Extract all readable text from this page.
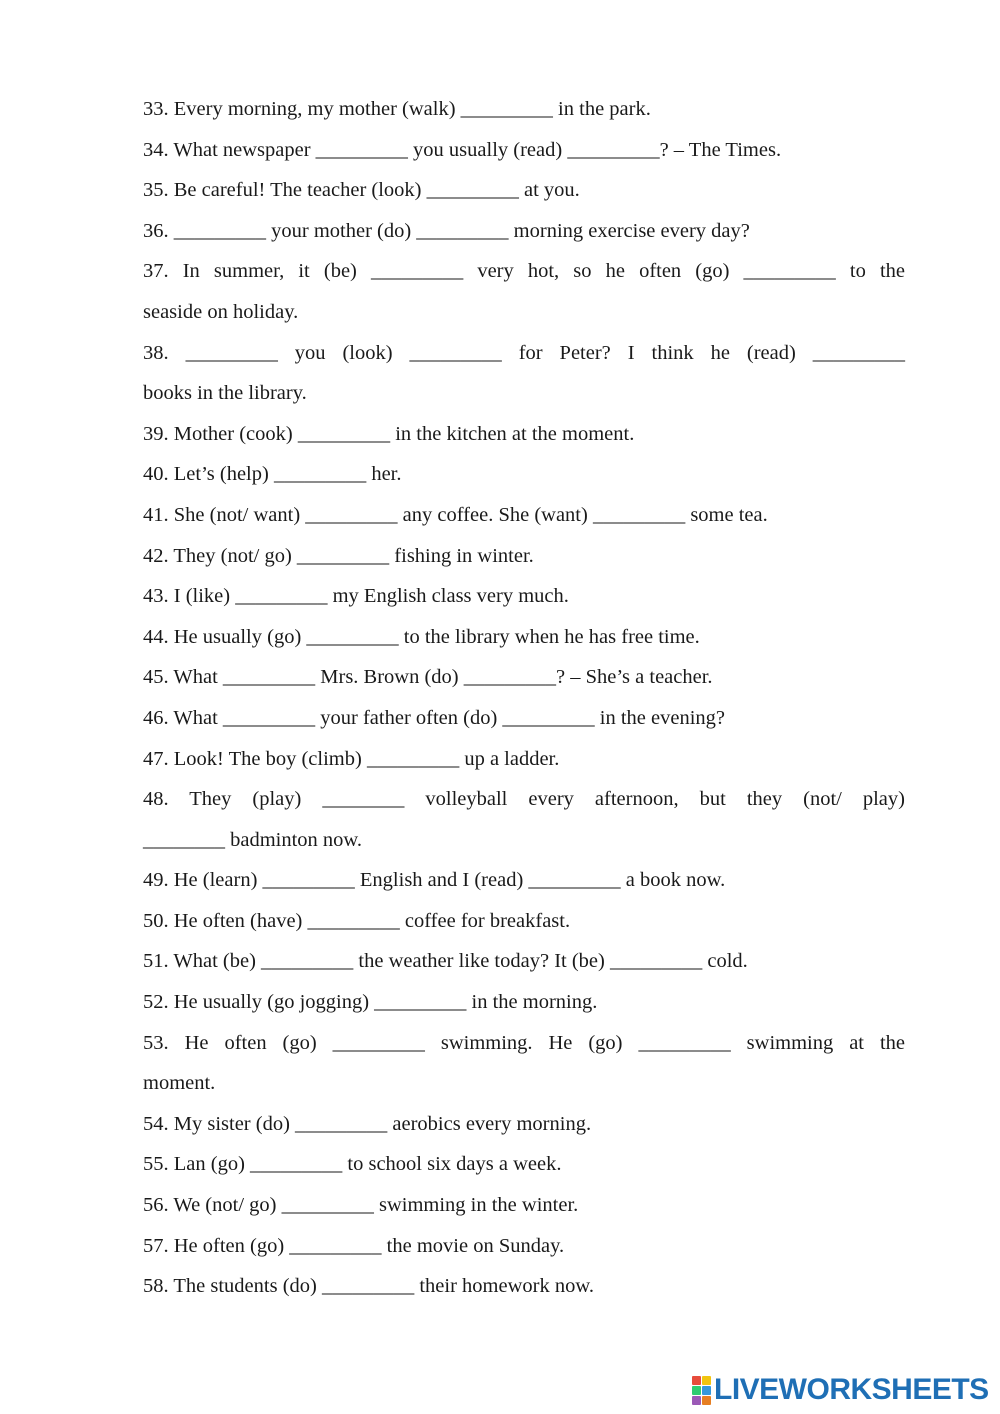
33. Every morning, my mother (walk) _________ in the park.
34. What newspaper _________ you usually (read) _________? – The Times.
35. Be careful! The teacher (look) _________ at you.
36. _________ your mother (do) _________ morning exercise every day?
37. In summer, it (be) _________ very hot, so he often (go) _________ to the
seaside on holiday.
38. _________ you (look) _________ for Peter? I think he (read) _________
books in the library.
39. Mother (cook) _________ in the kitchen at the moment.
40. Let’s (help) _________ her.
41. She (not/ want) _________ any coffee. She (want) _________ some tea.
42. They (not/ go) _________ fishing in winter.
43. I (like) _________ my English class very much.
44. He usually (go) _________ to the library when he has free time.
45. What _________ Mrs. Brown (do) _________? – She’s a teacher.
46. What _________ your father often (do) _________ in the evening?
47. Look! The boy (climb) _________ up a ladder.
48. They (play) ________ volleyball every afternoon, but they (not/ play)
________ badminton now.
49. He (learn) _________ English and I (read) _________ a book now.
50. He often (have) _________ coffee for breakfast.
51. What (be) _________ the weather like today? It (be) _________ cold.
52. He usually (go jogging) _________ in the morning.
53. He often (go) _________ swimming. He (go) _________ swimming at the
moment.
54. My sister (do) _________ aerobics every morning.
55. Lan (go) _________ to school six days a week.
56. We (not/ go) _________ swimming in the winter.
57. He often (go) _________ the movie on Sunday.
58. The students (do) _________ their homework now.
LIVEWORKSHEETS
